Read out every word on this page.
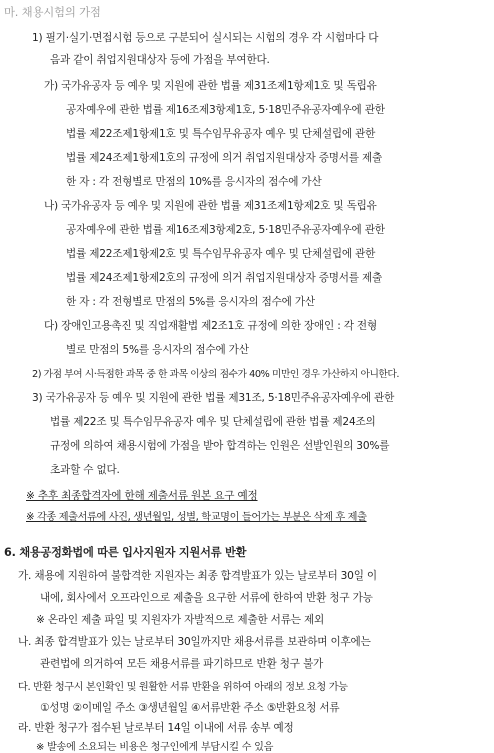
마. 채용시험의 가점
1) 필기·실기·면접시험 등으로 구분되어 실시되는 시험의 경우 각 시험마다 다
음과 같이 취업지원대상자 등에 가점을 부여한다.
가) 국가유공자 등 예우 및 지원에 관한 법률 제31조제1항제1호 및 독립유
공자예우에 관한 법률 제16조제3항제1호, 5·18민주유공자예우에 관한
법률 제22조제1항제1호 및 특수임무유공자 예우 및 단체설립에 관한
법률 제24조제1항제1호의 규정에 의거 취업지원대상자 증명서를 제출
한 자 : 각 전형별로 만점의 10%를 응시자의 점수에 가산
나) 국가유공자 등 예우 및 지원에 관한 법률 제31조제1항제2호 및 독립유
공자예우에 관한 법률 제16조제3항제2호, 5·18민주유공자예우에 관한
법률 제22조제1항제2호 및 특수임무유공자 예우 및 단체설립에 관한
법률 제24조제1항제2호의 규정에 의거 취업지원대상자 증명서를 제출
한 자 : 각 전형별로 만점의 5%를 응시자의 점수에 가산
다) 장애인고용촉진 및 직업재활법 제2조1호 규정에 의한 장애인 : 각 전형
별로 만점의 5%를 응시자의 점수에 가산
2) 가점 부여 시·득점한 과목 중 한 과목 이상의 점수가 40% 미만인 경우 가산하지 아니한다.
3) 국가유공자 등 예우 및 지원에 관한 법률 제31조, 5·18민주유공자예우에 관한
법률 제22조 및 특수임무유공자 예우 및 단체설립에 관한 법률 제24조의
규정에 의하여 채용시험에 가점을 받아 합격하는 인원은 선발인원의 30%를
초과할 수 없다.
※ 추후 최종합격자에 한해 제출서류 원본 요구 예정
※ 각종 제출서류에 사진, 생년월일, 성별, 학교명이 들어가는 부분은 삭제 후 제출
6. 채용공정화법에 따른 입사지원자 지원서류 반환
가. 채용에 지원하여 불합격한 지원자는 최종 합격발표가 있는 날로부터 30일 이
내에, 회사에서 오프라인으로 제출을 요구한 서류에 한하여 반환 청구 가능
※ 온라인 제출 파일 및 지원자가 자발적으로 제출한 서류는 제외
나. 최종 합격발표가 있는 날로부터 30일까지만 채용서류를 보관하며 이후에는
관련법에 의거하여 모든 채용서류를 파기하므로 반환 청구 불가
다. 반환 청구시 본인확인 및 원활한 서류 반환을 위하여 아래의 정보 요청 가능
①성명 ②이메일 주소 ③생년월일 ④서류반환 주소 ⑤반환요청 서류
라. 반환 청구가 접수된 날로부터 14일 이내에 서류 송부 예정
※ 발송에 소요되는 비용은 청구인에게 부담시킬 수 있음
